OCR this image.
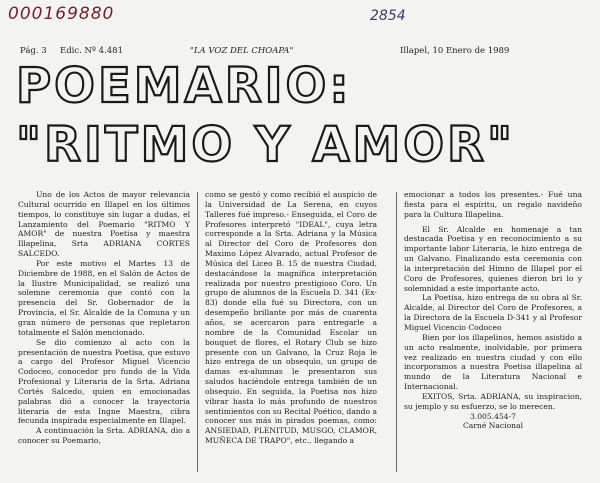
000169880	2854
Pág. 3 Edic. Nº 4.481	"LA VOZ DEL CHOAPA"	Illapel, 10 Enero de 1989
POEMARIO:
"RITMO Y AMOR"

Uno de los Actos de mayor relevancia Cultural ocurrido en Illapel en los últimos tiempos, lo constituye sin lugar a dudas, el Lanzamiento del Poemario "RITMO Y AMOR" de nuestra Poetisa y maestra Illapelina, Srta ADRIANA CORTES SALCEDO.

Por este motivo el Martes 13 de Diciembre de 1988, en el Salón de Actos de la Ilustre Municipalidad, se realizó una solemne ceremonia que contó con la presencia del Sr. Gobernador de la Provincia, el Sr. Alcalde de la Comuna y un gran número de personas que repletaron totalmente el Salón mencionado.

Se dio comienzo al acto con la presentación de nuestra Poetisa, que estuvo a cargo del Profesor Miguel Vicencio Codoceo, conocedor pro fundo de la Vida Profesional y Literaria de la Srta. Adriana Cortés Salcedo, quien en emocionadas palabras dió a conocer la trayectoria literaria de esta Ingne Maestra, cibra fecunda inspirada especialmente en Illapel.

A continuación la Srta. ADRIANA, dio a conocer su Poemario,

como se gestó y como recibió el auspicio de la Universidad de La Serena, en cuyos Talleres fué impreso.- Enseguida, el Coro de Profesores interpretó "IDEAL", cuya letra corresponde a la Srta. Adriana y la Música al Director del Coro de Profesores don Maximo López Alvarado, actual Profesor de Música del Liceo B. 15 de nuestra Ciudad, destacándose la magnífica interpretación realizada por nuestro prestigioso Coro. Un grupo de alumnos de la Escuela D. 341 (Ex-83) donde ella fué su Directora, con un desempeño brillante por más de cuarenta años, se acercaron para entregarle a nombre de la Comunidad Escolar un bouquet de flores, el Rotary Club se hizo presente con un Galvano, la Cruz Roja le hizo entrega de un obsequio, un grupo de damas ex-alumnas le presentaron sus saludos haciéndole entrega también de un obsequio. En seguida, la Poetisa nos hizo vibrar hasta lo más profundo de nuestros sentimientos con su Recital Poético, dando a conocer sus más in pirados poemas, como: ANSIEDAD, PLENITUD, MUSGO, CLAMOR, MUÑECA DE TRAPO", etc., llegando a

emocionar a todos los presentes.- Fué una fiesta para el espíritu, un regalo navideño para la Cultura Illapelina.

El Sr. Alcalde en homenaje a tan destacada Poetisa y en reconocimiento a su importante labor Literaria, le hizo entrega de un Galvano. Finalizando esta ceremonia con la interpretación del Himno de Illapel por el Coro de Profesores, quienes dieron bri lo y solemnidad a este importante acto.

La Poetisa, hizo entrega de su obra al Sr. Alcalde, al Director del Coro de Profesores, a la Directora de la Escuela D-341 y al Profesor Miguel Vicencio Codoceo

Bien por los illapelinos, hemos asistido a un acto realmente, inolvidable, por primera vez realizado en nuestra ciudad y con ello incorporamos a nuestra Poetisa illapelina al mundo de la Literatura Nacional e Internacional.

EXITOS, Srta. ADRIANA, su inspiracion, su jemplo y su esfuerzo, se lo merecen.

3.005.454-7

Carné Nacional
